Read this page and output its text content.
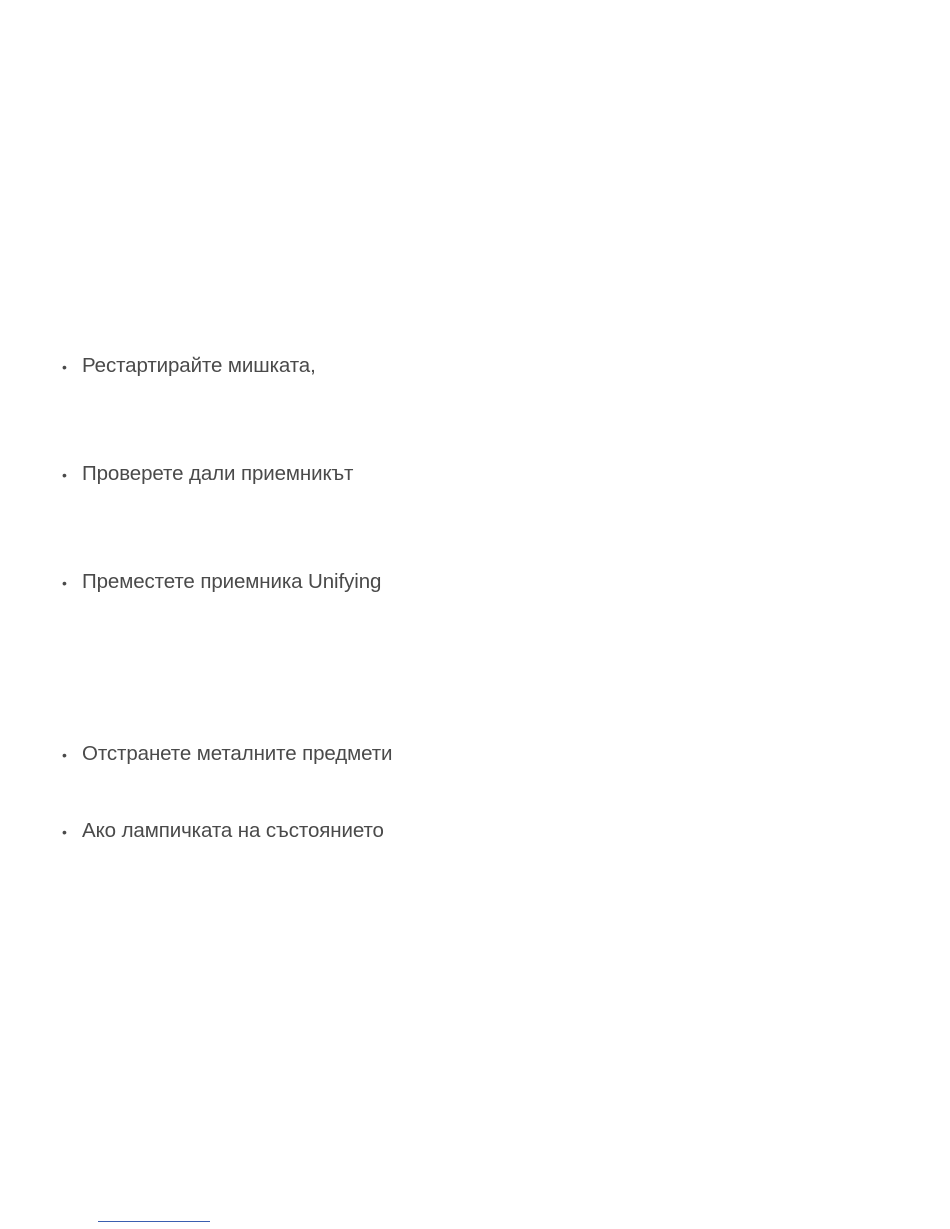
• Рестартирайте мишката,
• Проверете дали приемникът
• Преместете приемника Unifying
• Отстранете металните предмети
• Ако лампичката на състоянието
